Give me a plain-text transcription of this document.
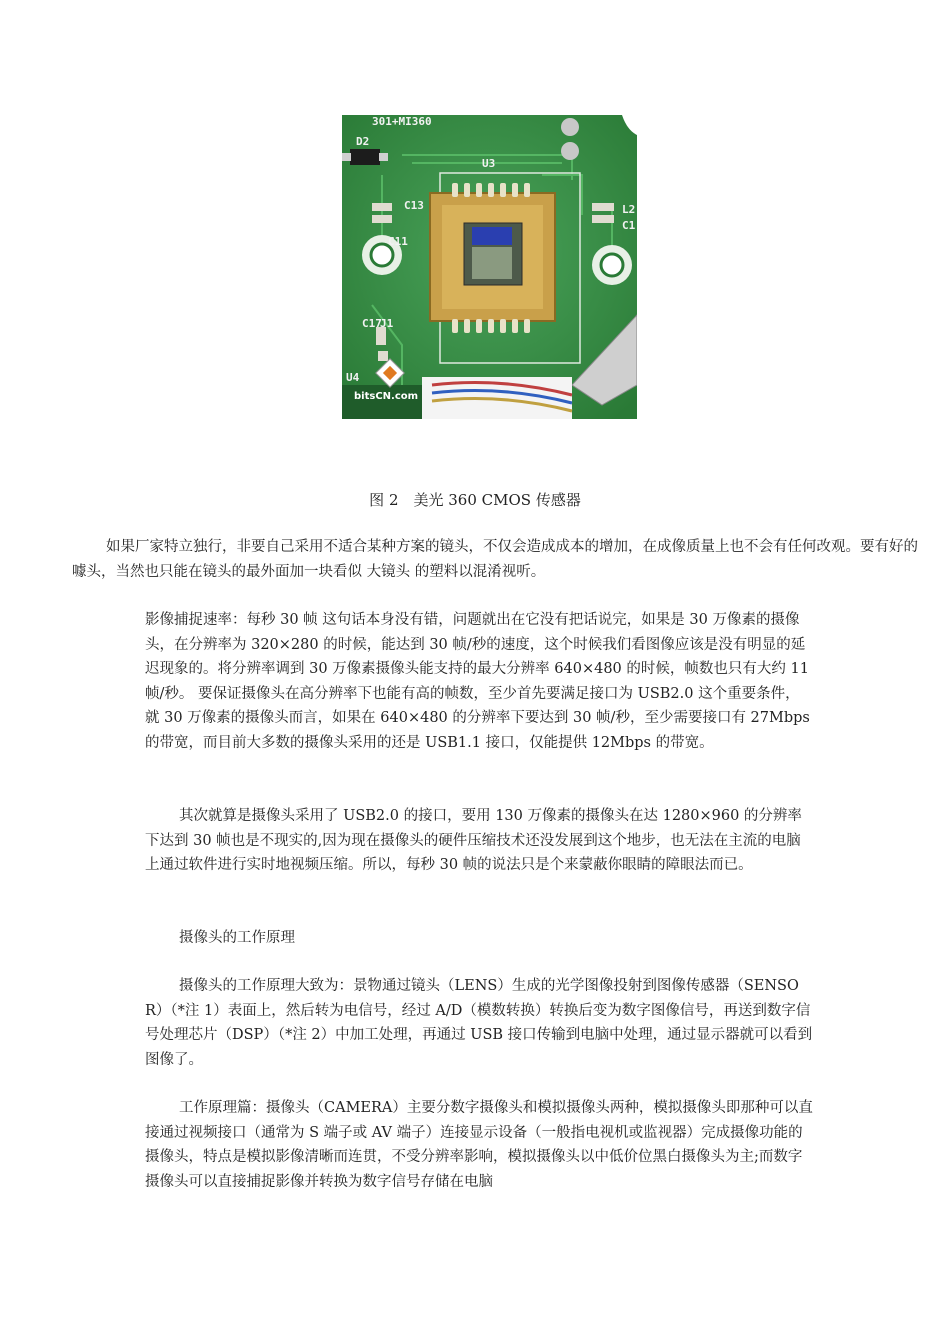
301+MI360
D2
U3
C13
C11
L2
C1
C17
J1
U4
bitsCN.com
图 2　美光 360 CMOS 传感器

如果厂家特立独行，非要自己采用不适合某种方案的镜头，不仅会造成成本的增加，在成像质量上也不会有任何改观。要有好的噱头，当然也只能在镜头的最外面加一块看似 大镜头 的塑料以混淆视听。

影像捕捉速率：每秒 30 帧 这句话本身没有错，问题就出在它没有把话说完，如果是 30 万像素的摄像头，在分辨率为 320×280 的时候，能达到 30 帧/秒的速度，这个时候我们看图像应该是没有明显的延迟现象的。将分辨率调到 30 万像素摄像头能支持的最大分辨率 640×480 的时候，帧数也只有大约 11 帧/秒。 要保证摄像头在高分辨率下也能有高的帧数，至少首先要满足接口为 USB2.0 这个重要条件，就 30 万像素的摄像头而言，如果在 640×480 的分辨率下要达到 30 帧/秒，至少需要接口有 27Mbps 的带宽，而目前大多数的摄像头采用的还是 USB1.1 接口，仅能提供 12Mbps 的带宽。

其次就算是摄像头采用了 USB2.0 的接口，要用 130 万像素的摄像头在达 1280×960 的分辨率下达到 30 帧也是不现实的,因为现在摄像头的硬件压缩技术还没发展到这个地步，也无法在主流的电脑上通过软件进行实时地视频压缩。所以，每秒 30 帧的说法只是个来蒙蔽你眼睛的障眼法而已。

摄像头的工作原理

摄像头的工作原理大致为：景物通过镜头（LENS）生成的光学图像投射到图像传感器（SENSOR）（*注 1）表面上，然后转为电信号，经过 A/D（模数转换）转换后变为数字图像信号，再送到数字信号处理芯片（DSP）（*注 2）中加工处理，再通过 USB 接口传输到电脑中处理，通过显示器就可以看到图像了。

工作原理篇：摄像头（CAMERA）主要分数字摄像头和模拟摄像头两种，模拟摄像头即那种可以直接通过视频接口（通常为 S 端子或 AV 端子）连接显示设备（一般指电视机或监视器）完成摄像功能的摄像头，特点是模拟影像清晰而连贯，不受分辨率影响，模拟摄像头以中低价位黑白摄像头为主;而数字摄像头可以直接捕捉影像并转换为数字信号存储在电脑
